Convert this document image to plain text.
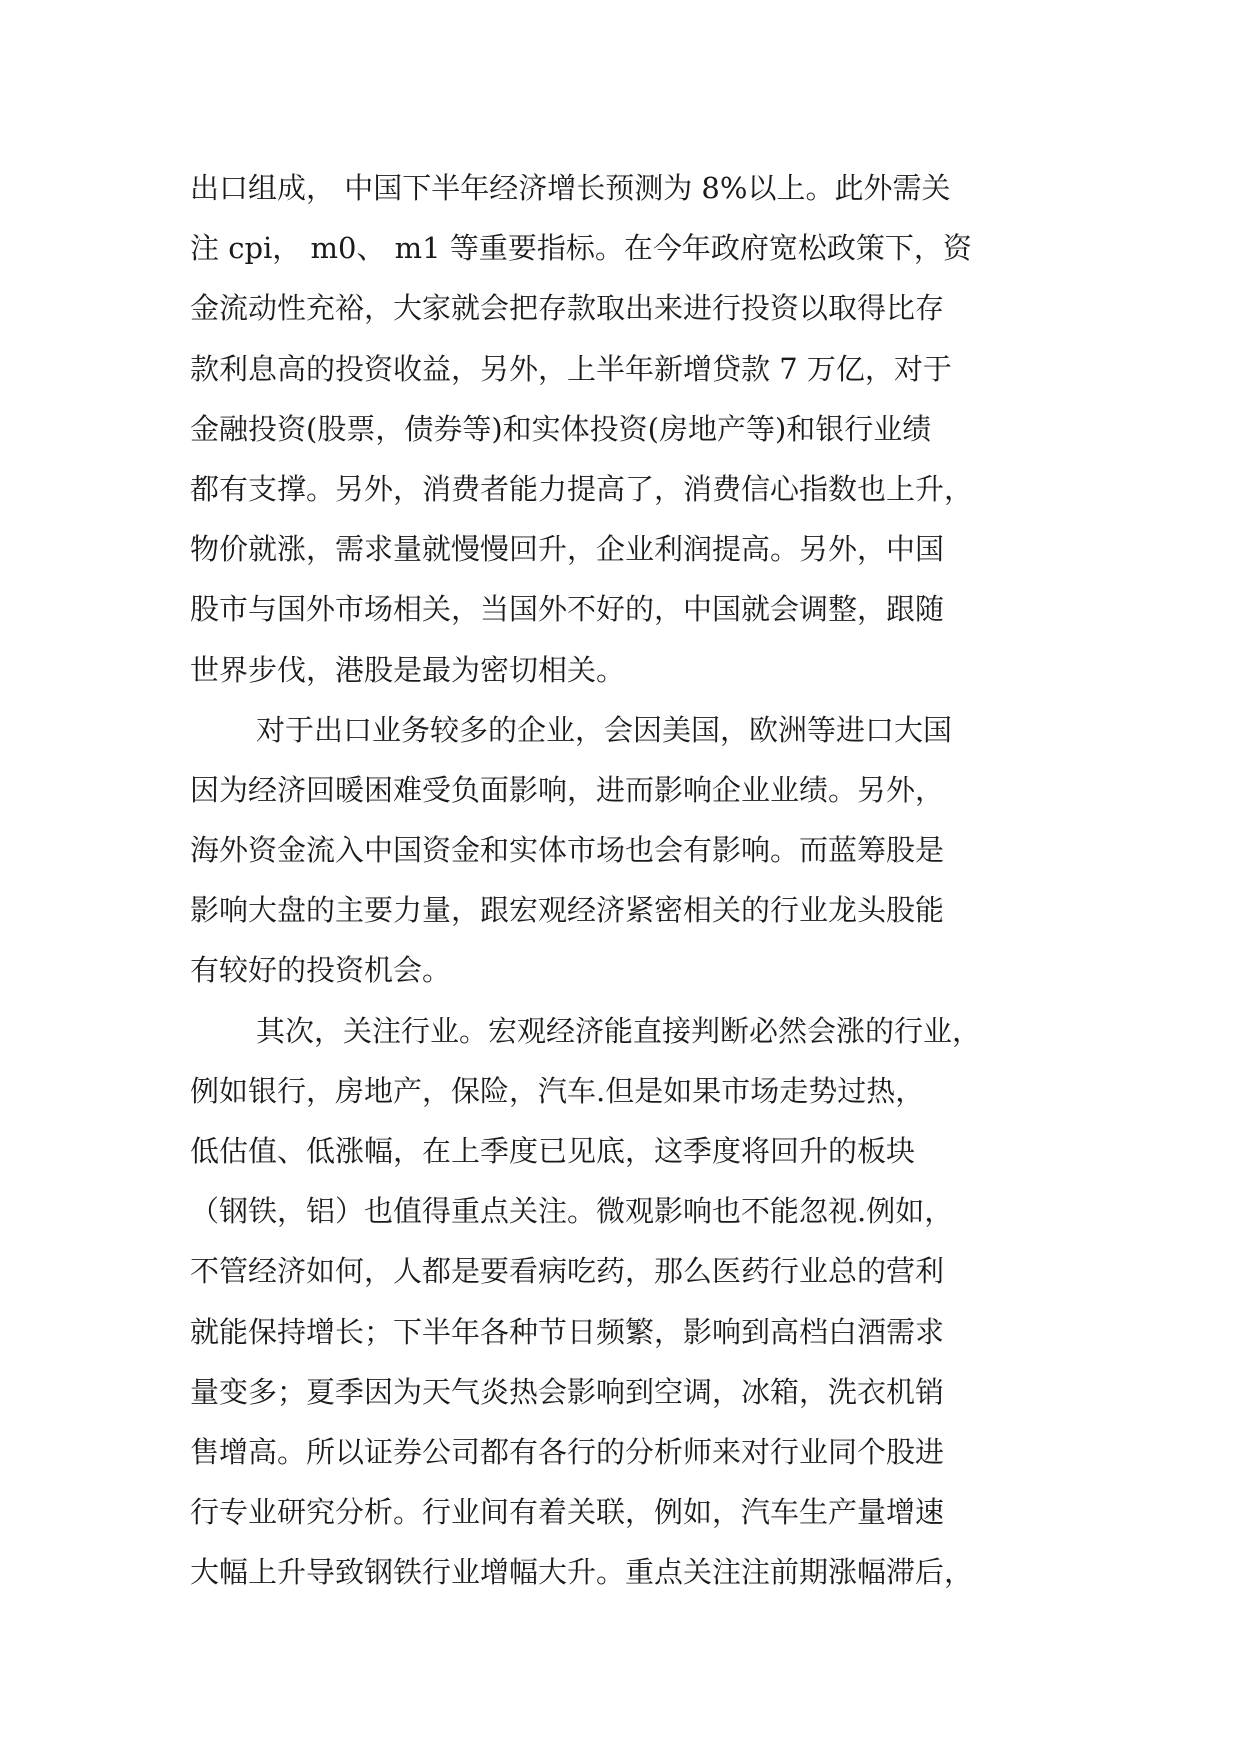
出口组成， 中国下半年经济增长预测为 8%以上。此外需关
注 cpi， m0、 m1 等重要指标。在今年政府宽松政策下，资
金流动性充裕，大家就会把存款取出来进行投资以取得比存
款利息高的投资收益，另外，上半年新增贷款 7 万亿，对于
金融投资(股票，债券等)和实体投资(房地产等)和银行业绩
都有支撑。另外，消费者能力提高了，消费信心指数也上升，
物价就涨，需求量就慢慢回升，企业利润提高。另外，中国
股市与国外市场相关，当国外不好的，中国就会调整，跟随
世界步伐，港股是最为密切相关。
对于出口业务较多的企业，会因美国，欧洲等进口大国
因为经济回暖困难受负面影响，进而影响企业业绩。另外，
海外资金流入中国资金和实体市场也会有影响。而蓝筹股是
影响大盘的主要力量，跟宏观经济紧密相关的行业龙头股能
有较好的投资机会。
其次，关注行业。宏观经济能直接判断必然会涨的行业，
例如银行，房地产，保险，汽车.但是如果市场走势过热，
低估值、低涨幅，在上季度已见底，这季度将回升的板块
（钢铁，铝）也值得重点关注。微观影响也不能忽视.例如，
不管经济如何，人都是要看病吃药，那么医药行业总的营利
就能保持增长；下半年各种节日频繁，影响到高档白酒需求
量变多；夏季因为天气炎热会影响到空调，冰箱，洗衣机销
售增高。所以证券公司都有各行的分析师来对行业同个股进
行专业研究分析。行业间有着关联，例如，汽车生产量增速
大幅上升导致钢铁行业增幅大升。重点关注注前期涨幅滞后，
